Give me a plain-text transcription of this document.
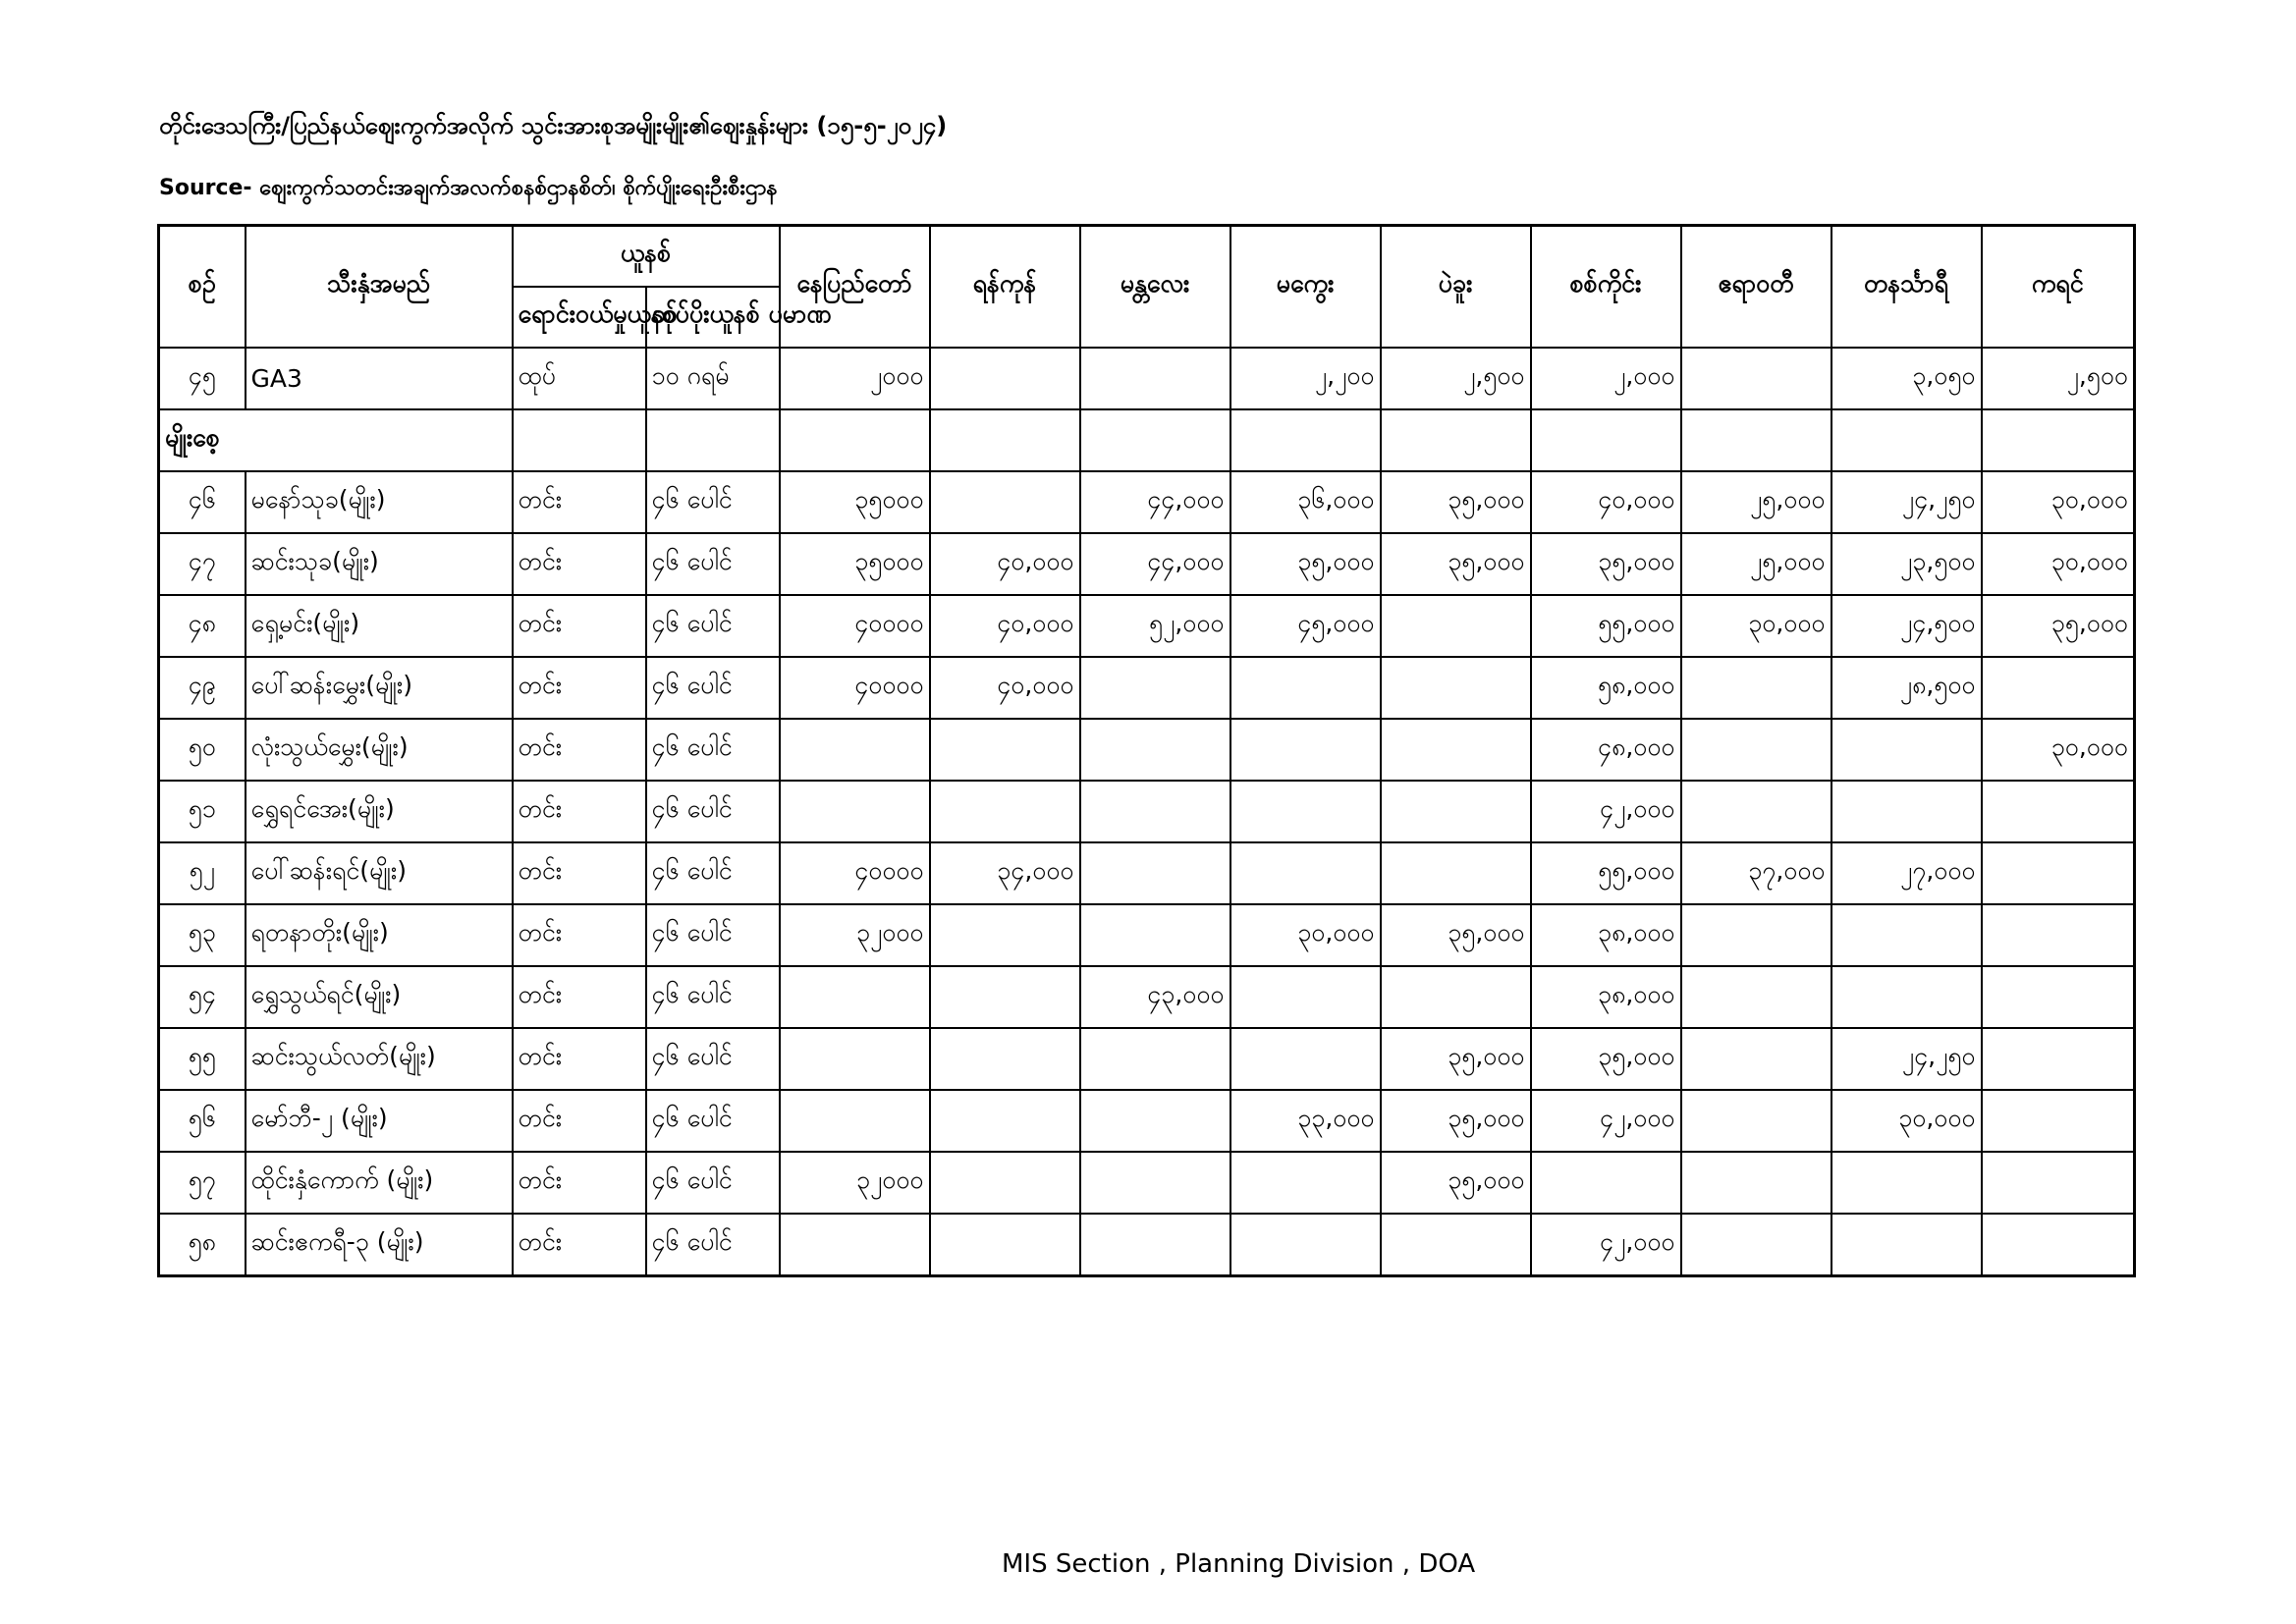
တိုင်းဒေသကြီး/ပြည်နယ်ဈေးကွက်အလိုက် သွင်းအားစုအမျိုးမျိုး၏ဈေးနှုန်းများ (၁၅-၅-၂၀၂၄)
Source- ဈေးကွက်သတင်းအချက်အလက်စနစ်ဌာနစိတ်၊ စိုက်ပျိုးရေးဦးစီးဌာန
စဉ်	သီးနှံအမည်	ယူနစ်		နေပြည်တော်	ရန်ကုန်	မန္တလေး	မကွေး	ပဲခူး	စစ်ကိုင်း	ဧရာဝတီ	တနင်္သာရီ	ကရင်
		ရောင်းဝယ်မှုယူနစ်	ထုပ်ပိုးယူနစ် ပမာဏ									
၄၅	GA3	ထုပ်	၁၀ ဂရမ်	၂၀၀၀			၂,၂၀၀	၂,၅၀၀	၂,၀၀၀		၃,၀၅၀	၂,၅၀၀
မျိုးစေ့												
၄၆	မနော်သုခ(မျိုး)	တင်း	၄၆ ပေါင်	၃၅၀၀၀		၄၄,၀၀၀	၃၆,၀၀၀	၃၅,၀၀၀	၄၀,၀၀၀	၂၅,၀၀၀	၂၄,၂၅၀	၃၀,၀၀၀
၄၇	ဆင်းသုခ(မျိုး)	တင်း	၄၆ ပေါင်	၃၅၀၀၀	၄၀,၀၀၀	၄၄,၀၀၀	၃၅,၀၀၀	၃၅,၀၀၀	၃၅,၀၀၀	၂၅,၀၀၀	၂၃,၅၀၀	၃၀,၀၀၀
၄၈	ရှေ့မင်း(မျိုး)	တင်း	၄၆ ပေါင်	၄၀၀၀၀	၄၀,၀၀၀	၅၂,၀၀၀	၄၅,၀၀၀		၅၅,၀၀၀	၃၀,၀၀၀	၂၄,၅၀၀	၃၅,၀၀၀
၄၉	ပေါ်ဆန်းမွှေး(မျိုး)	တင်း	၄၆ ပေါင်	၄၀၀၀၀	၄၀,၀၀၀				၅၈,၀၀၀		၂၈,၅၀၀	
၅၀	လုံးသွယ်မွှေး(မျိုး)	တင်း	၄၆ ပေါင်						၄၈,၀၀၀			၃၀,၀၀၀
၅၁	ရွှေရင်အေး(မျိုး)	တင်း	၄၆ ပေါင်						၄၂,၀၀၀			
၅၂	ပေါ်ဆန်းရင်(မျိုး)	တင်း	၄၆ ပေါင်	၄၀၀၀၀	၃၄,၀၀၀				၅၅,၀၀၀	၃၇,၀၀၀	၂၇,၀၀၀	
၅၃	ရတနာတိုး(မျိုး)	တင်း	၄၆ ပေါင်	၃၂၀၀၀			၃၀,၀၀၀	၃၅,၀၀၀	၃၈,၀၀၀			
၅၄	ရွှေသွယ်ရင်(မျိုး)	တင်း	၄၆ ပေါင်			၄၃,၀၀၀			၃၈,၀၀၀			
၅၅	ဆင်းသွယ်လတ်(မျိုး)	တင်း	၄၆ ပေါင်					၃၅,၀၀၀	၃၅,၀၀၀		၂၄,၂၅၀	
၅၆	မော်ဘီ-၂ (မျိုး)	တင်း	၄၆ ပေါင်				၃၃,၀၀၀	၃၅,၀၀၀	၄၂,၀၀၀		၃၀,၀၀၀	
၅၇	ထိုင်းနှံကောက် (မျိုး)	တင်း	၄၆ ပေါင်	၃၂၀၀၀				၃၅,၀၀၀				
၅၈	ဆင်းဧကရီ-၃ (မျိုး)	တင်း	၄၆ ပေါင်						၄၂,၀၀၀			
MIS Section , Planning Division , DOA
